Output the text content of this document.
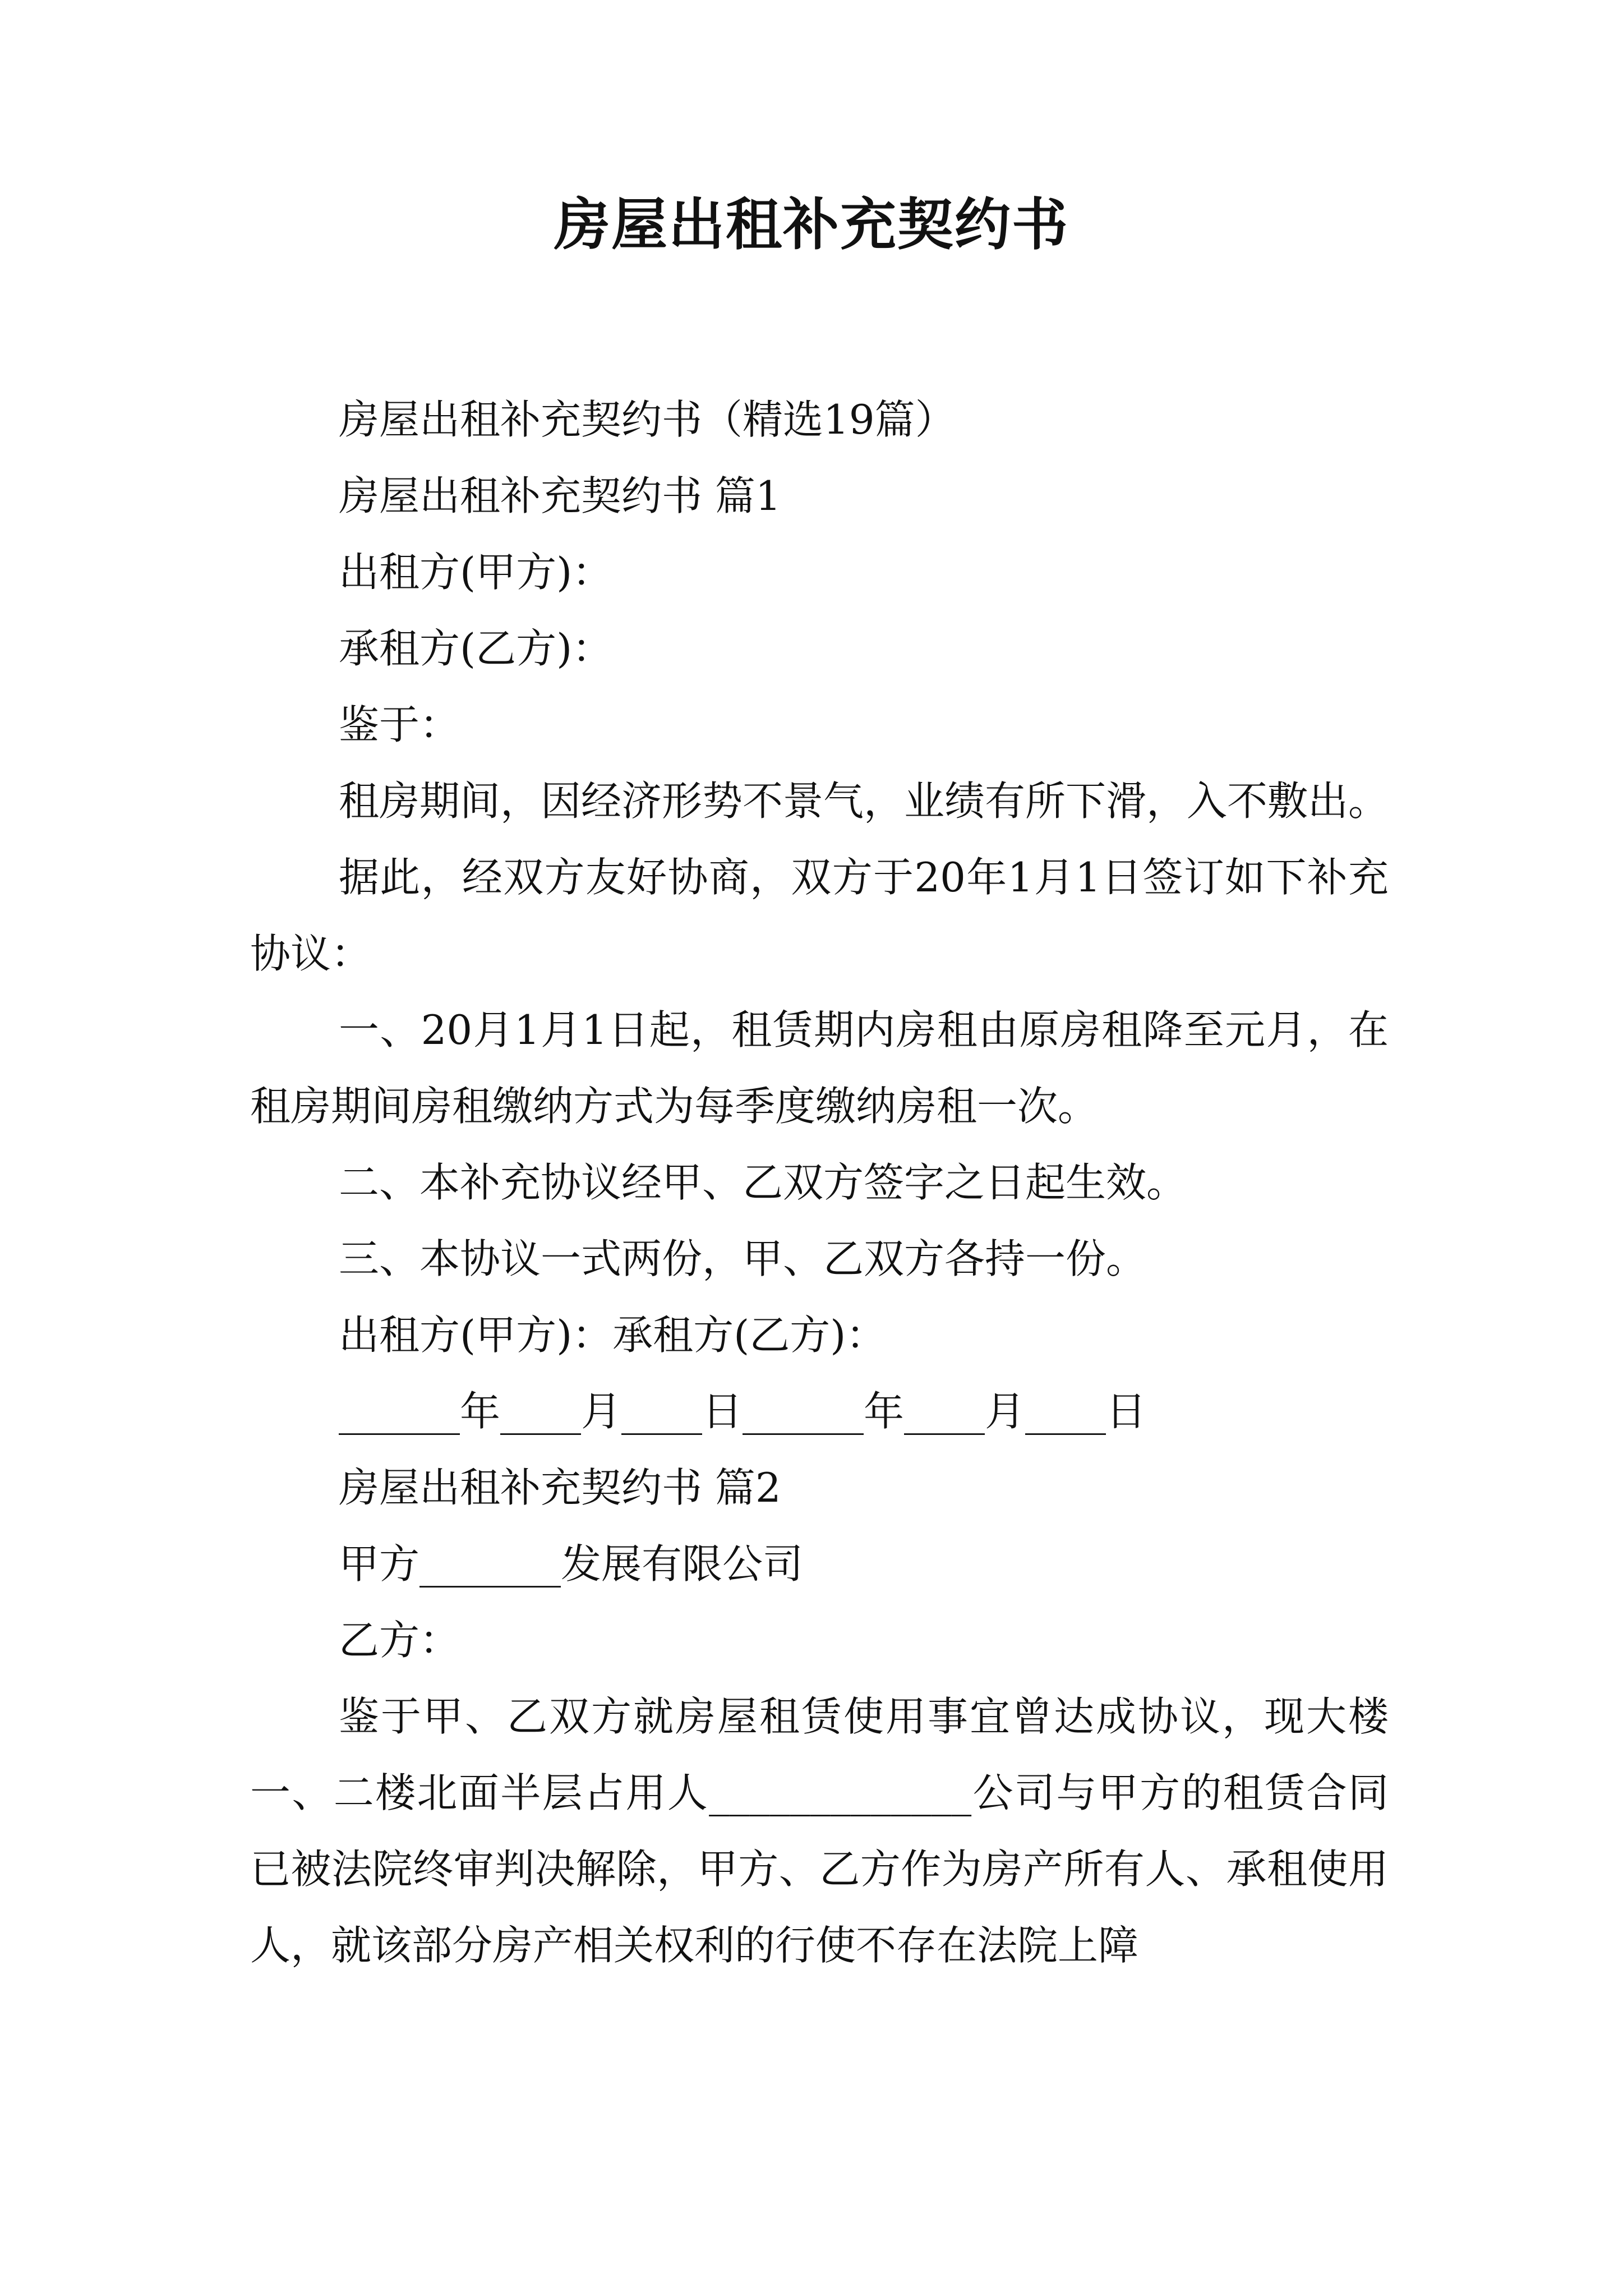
房屋出租补充契约书

房屋出租补充契约书（精选19篇）

房屋出租补充契约书 篇1

出租方(甲方)：

承租方(乙方)：

鉴于：

租房期间，因经济形势不景气，业绩有所下滑，入不敷出。

据此，经双方友好协商，双方于20年1月1日签订如下补充协议：

一、20月1月1日起，租赁期内房租由原房租降至元月，在租房期间房租缴纳方式为每季度缴纳房租一次。

二、本补充协议经甲、乙双方签字之日起生效。

三、本协议一式两份，甲、乙双方各持一份。

出租方(甲方)：承租方(乙方)：

______年____月____日______年____月____日

房屋出租补充契约书 篇2

甲方_______发展有限公司

乙方：

鉴于甲、乙双方就房屋租赁使用事宜曾达成协议，现大楼一、二楼北面半层占用人_____________公司与甲方的租赁合同已被法院终审判决解除，甲方、乙方作为房产所有人、承租使用人，就该部分房产相关权利的行使不存在法院上障
